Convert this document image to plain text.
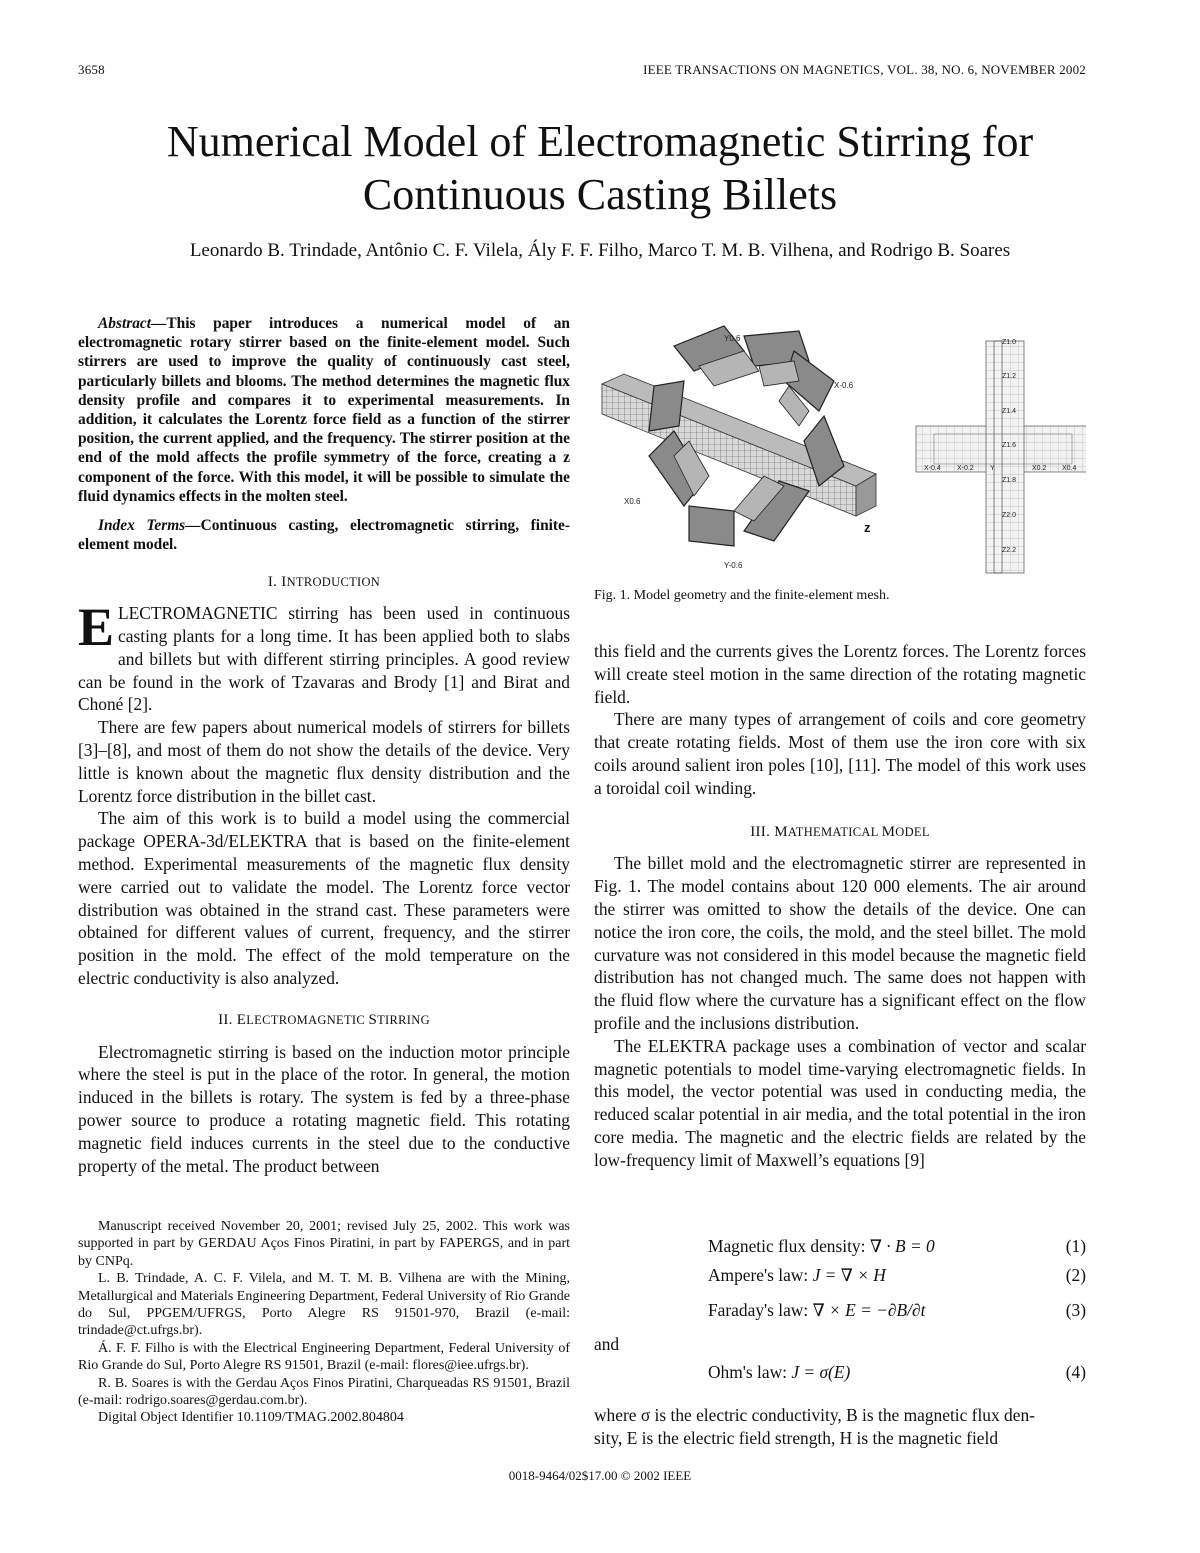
3658	IEEE TRANSACTIONS ON MAGNETICS, VOL. 38, NO. 6, NOVEMBER 2002
Numerical Model of Electromagnetic Stirring for
Continuous Casting Billets
Leonardo B. Trindade, Antônio C. F. Vilela, Ály F. F. Filho, Marco T. M. B. Vilhena, and Rodrigo B. Soares

Abstract—This paper introduces a numerical model of an electromagnetic rotary stirrer based on the finite-element model. Such stirrers are used to improve the quality of continuously cast steel, particularly billets and blooms. The method determines the magnetic flux density profile and compares it to experimental measurements. In addition, it calculates the Lorentz force field as a function of the stirrer position, the current applied, and the frequency. The stirrer position at the end of the mold affects the profile symmetry of the force, creating a z component of the force. With this model, it will be possible to simulate the fluid dynamics effects in the molten steel.

Index Terms—Continuous casting, electromagnetic stirring, finite-element model.

I. INTRODUCTION

ELECTROMAGNETIC stirring has been used in continuous casting plants for a long time. It has been applied both to slabs and billets but with different stirring principles. A good review can be found in the work of Tzavaras and Brody [1] and Birat and Choné [2].

There are few papers about numerical models of stirrers for billets [3]–[8], and most of them do not show the details of the device. Very little is known about the magnetic flux density distribution and the Lorentz force distribution in the billet cast.

The aim of this work is to build a model using the commercial package OPERA-3d/ELEKTRA that is based on the finite-element method. Experimental measurements of the magnetic flux density were carried out to validate the model. The Lorentz force vector distribution was obtained in the strand cast. These parameters were obtained for different values of current, frequency, and the stirrer position in the mold. The effect of the mold temperature on the electric conductivity is also analyzed.

II. ELECTROMAGNETIC STIRRING

Electromagnetic stirring is based on the induction motor principle where the steel is put in the place of the rotor. In general, the motion induced in the billets is rotary. The system is fed by a three-phase power source to produce a rotating magnetic field. This rotating magnetic field induces currents in the steel due to the conductive property of the metal. The product between

Manuscript received November 20, 2001; revised July 25, 2002. This work was supported in part by GERDAU Aços Finos Piratini, in part by FAPERGS, and in part by CNPq.

L. B. Trindade, A. C. F. Vilela, and M. T. M. B. Vilhena are with the Mining, Metallurgical and Materials Engineering Department, Federal University of Rio Grande do Sul, PPGEM/UFRGS, Porto Alegre RS 91501-970, Brazil (e-mail: trindade@ct.ufrgs.br).

Á. F. F. Filho is with the Electrical Engineering Department, Federal University of Rio Grande do Sul, Porto Alegre RS 91501, Brazil (e-mail: flores@iee.ufrgs.br).

R. B. Soares is with the Gerdau Aços Finos Piratini, Charqueadas RS 91501, Brazil (e-mail: rodrigo.soares@gerdau.com.br).

Digital Object Identifier 10.1109/TMAG.2002.804804

Y0.6
X-0.6
X0.6
Y-0.6
z
Z1.0
Z1.2
Z1.4
Z1.6
Z1.8
Z2.0
Z2.2
X-0.4 X-0.2 Y	X0.2 X0.4
Fig. 1. Model geometry and the finite-element mesh.

this field and the currents gives the Lorentz forces. The Lorentz forces will create steel motion in the same direction of the rotating magnetic field.

There are many types of arrangement of coils and core geometry that create rotating fields. Most of them use the iron core with six coils around salient iron poles [10], [11]. The model of this work uses a toroidal coil winding.

III. MATHEMATICAL MODEL

The billet mold and the electromagnetic stirrer are represented in Fig. 1. The model contains about 120 000 elements. The air around the stirrer was omitted to show the details of the device. One can notice the iron core, the coils, the mold, and the steel billet. The mold curvature was not considered in this model because the magnetic field distribution has not changed much. The same does not happen with the fluid flow where the curvature has a significant effect on the flow profile and the inclusions distribution.

The ELEKTRA package uses a combination of vector and scalar magnetic potentials to model time-varying electromagnetic fields. In this model, the vector potential was used in conducting media, the reduced scalar potential in air media, and the total potential in the iron core media. The magnetic and the electric fields are related by the low-frequency limit of Maxwell’s equations [9]

Magnetic flux density: ∇ · B = 0	(1)
Ampere's law: J = ∇ × H	(2)
Faraday's law: ∇ × E = −∂B/∂t	(3)
and
Ohm's law: J = σ(E)	(4)
where σ is the electric conductivity, B is the magnetic flux den-
sity, E is the electric field strength, H is the magnetic field
0018-9464/02$17.00 © 2002 IEEE
